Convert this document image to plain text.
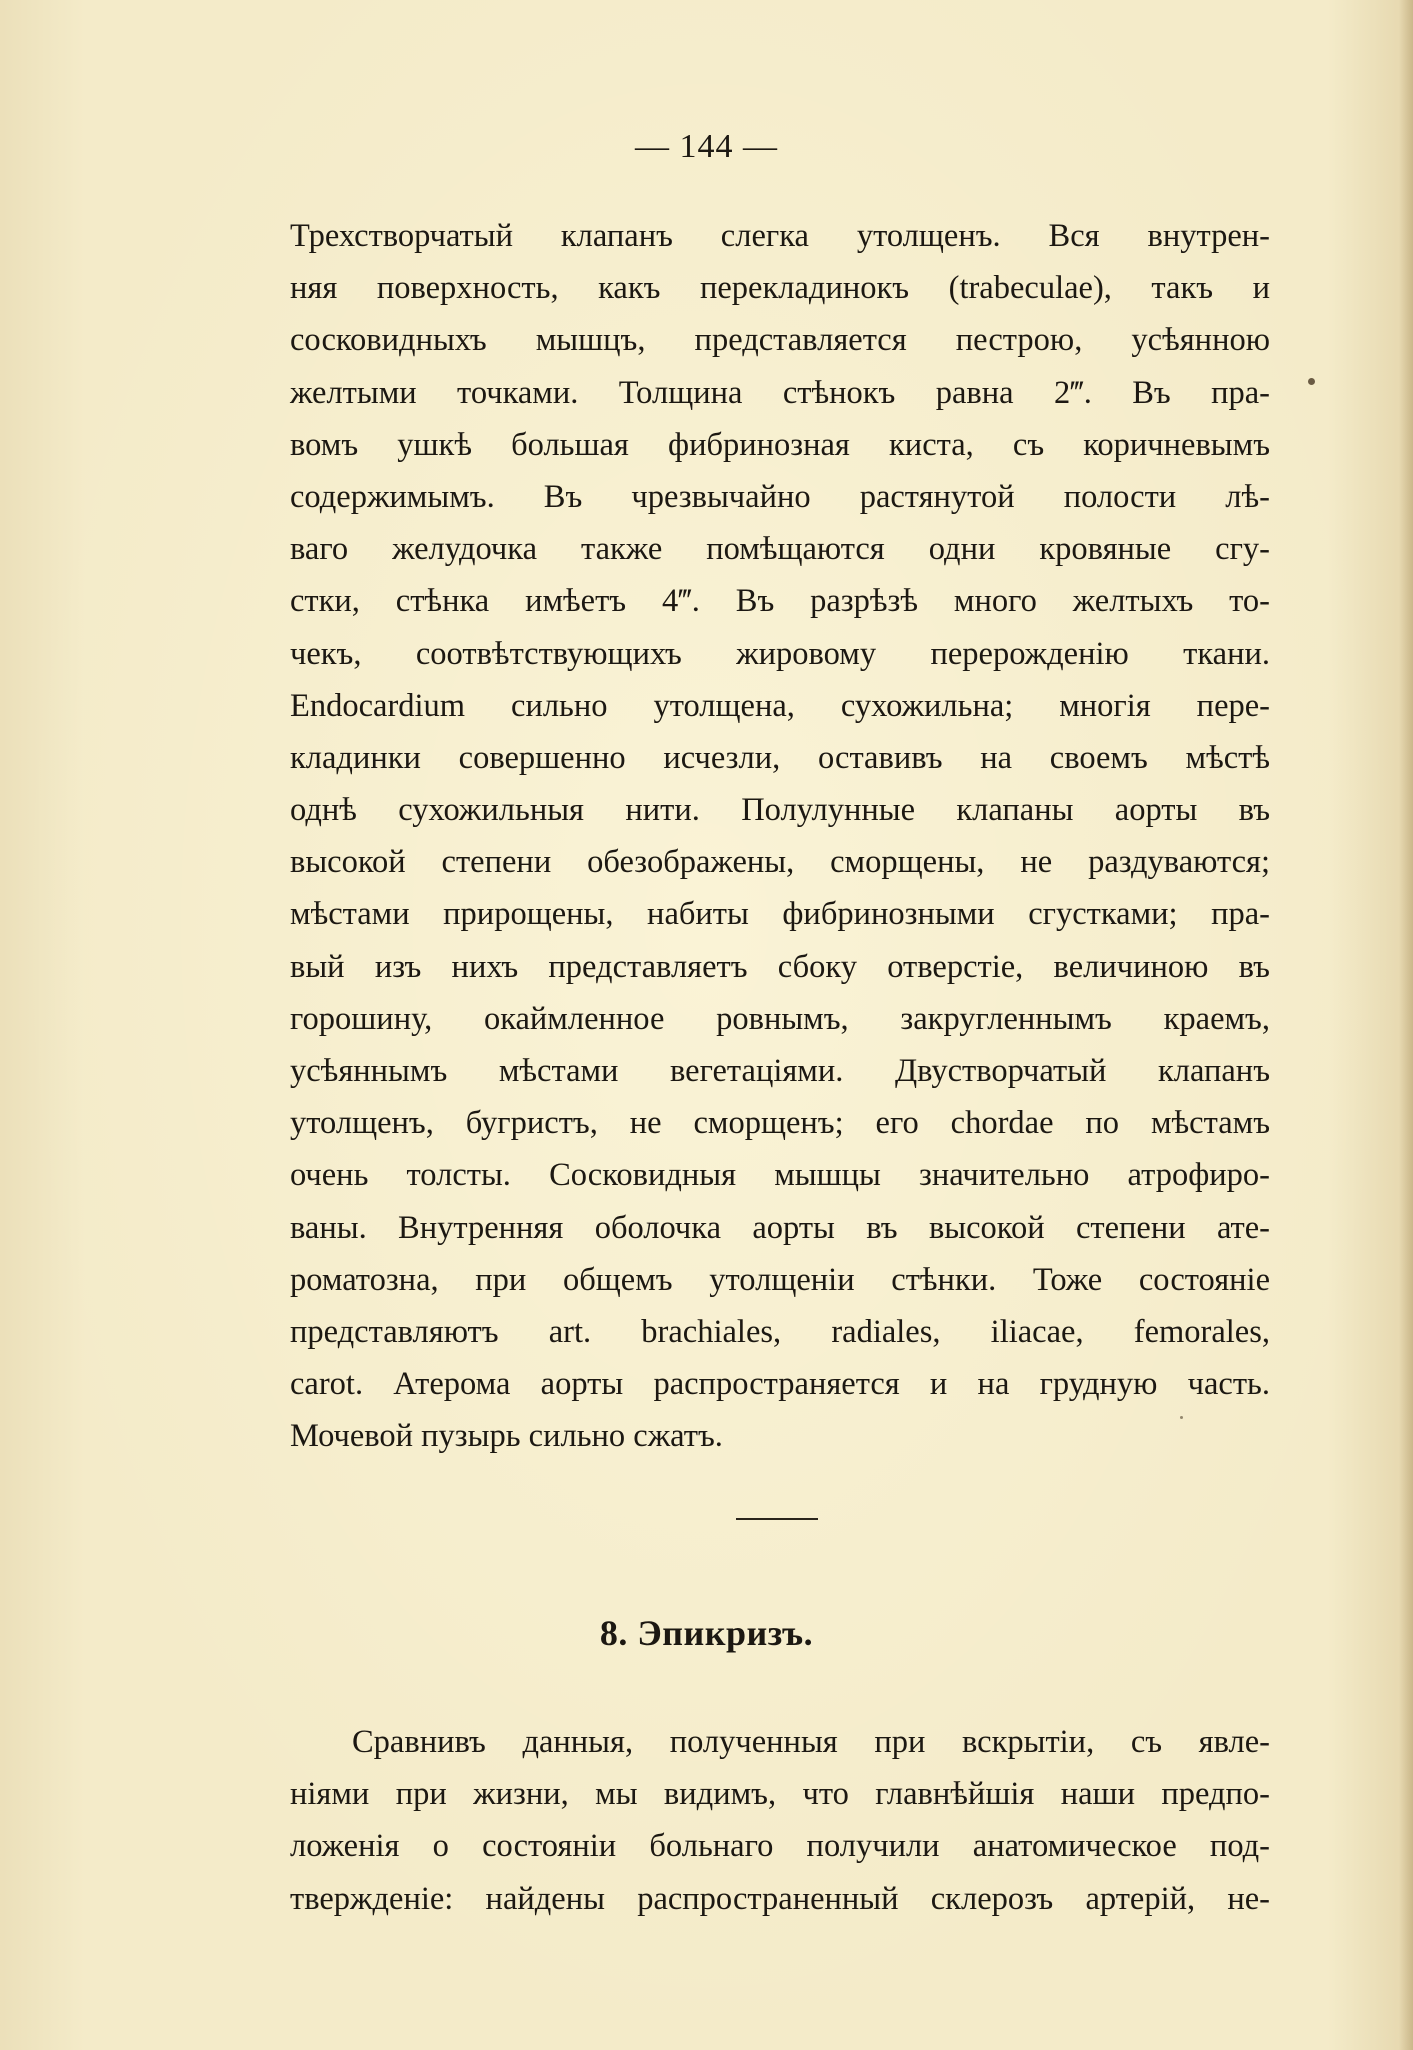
— 144 —
Трехстворчатый клапанъ слегка утолщенъ. Вся внутрен-
няя поверхность, какъ перекладинокъ (trabeculae), такъ и
сосковидныхъ мышцъ, представляется пестрою, усѣянною
желтыми точками. Толщина стѣнокъ равна 2‴. Въ пра-
вомъ ушкѣ большая фибринозная киста, съ коричневымъ
содержимымъ. Въ чрезвычайно растянутой полости лѣ-
ваго желудочка также помѣщаются одни кровяные сгу-
стки, стѣнка имѣетъ 4‴. Въ разрѣзѣ много желтыхъ то-
чекъ, соотвѣтствующихъ жировому перерожденiю ткани.
Endocardium сильно утолщена, сухожильна; многiя пере-
кладинки совершенно исчезли, оставивъ на своемъ мѣстѣ
однѣ сухожильныя нити. Полулунные клапаны аорты въ
высокой степени обезображены, сморщены, не раздуваются;
мѣстами прирощены, набиты фибринозными сгустками; пра-
вый изъ нихъ представляетъ сбоку отверстiе, величиною въ
горошину, окаймленное ровнымъ, закругленнымъ краемъ,
усѣяннымъ мѣстами вегетацiями. Двустворчатый клапанъ
утолщенъ, бугристъ, не сморщенъ; его chordae по мѣстамъ
очень толсты. Сосковидныя мышцы значительно атрофиро-
ваны. Внутренняя оболочка аорты въ высокой степени ате-
роматозна, при общемъ утолщенiи стѣнки. Тоже состоянiе
представляютъ art. brachiales, radiales, iliacae, femorales,
carot. Атерома аорты распространяется и на грудную часть.
Мочевой пузырь сильно сжатъ.
8. Эпикризъ.
Сравнивъ данныя, полученныя при вскрытiи, съ явле-
нiями при жизни, мы видимъ, что главнѣйшiя наши предпо-
ложенiя о состоянiи больнаго получили анатомическое под-
твержденiе: найдены распространенный склерозъ артерiй, не-
